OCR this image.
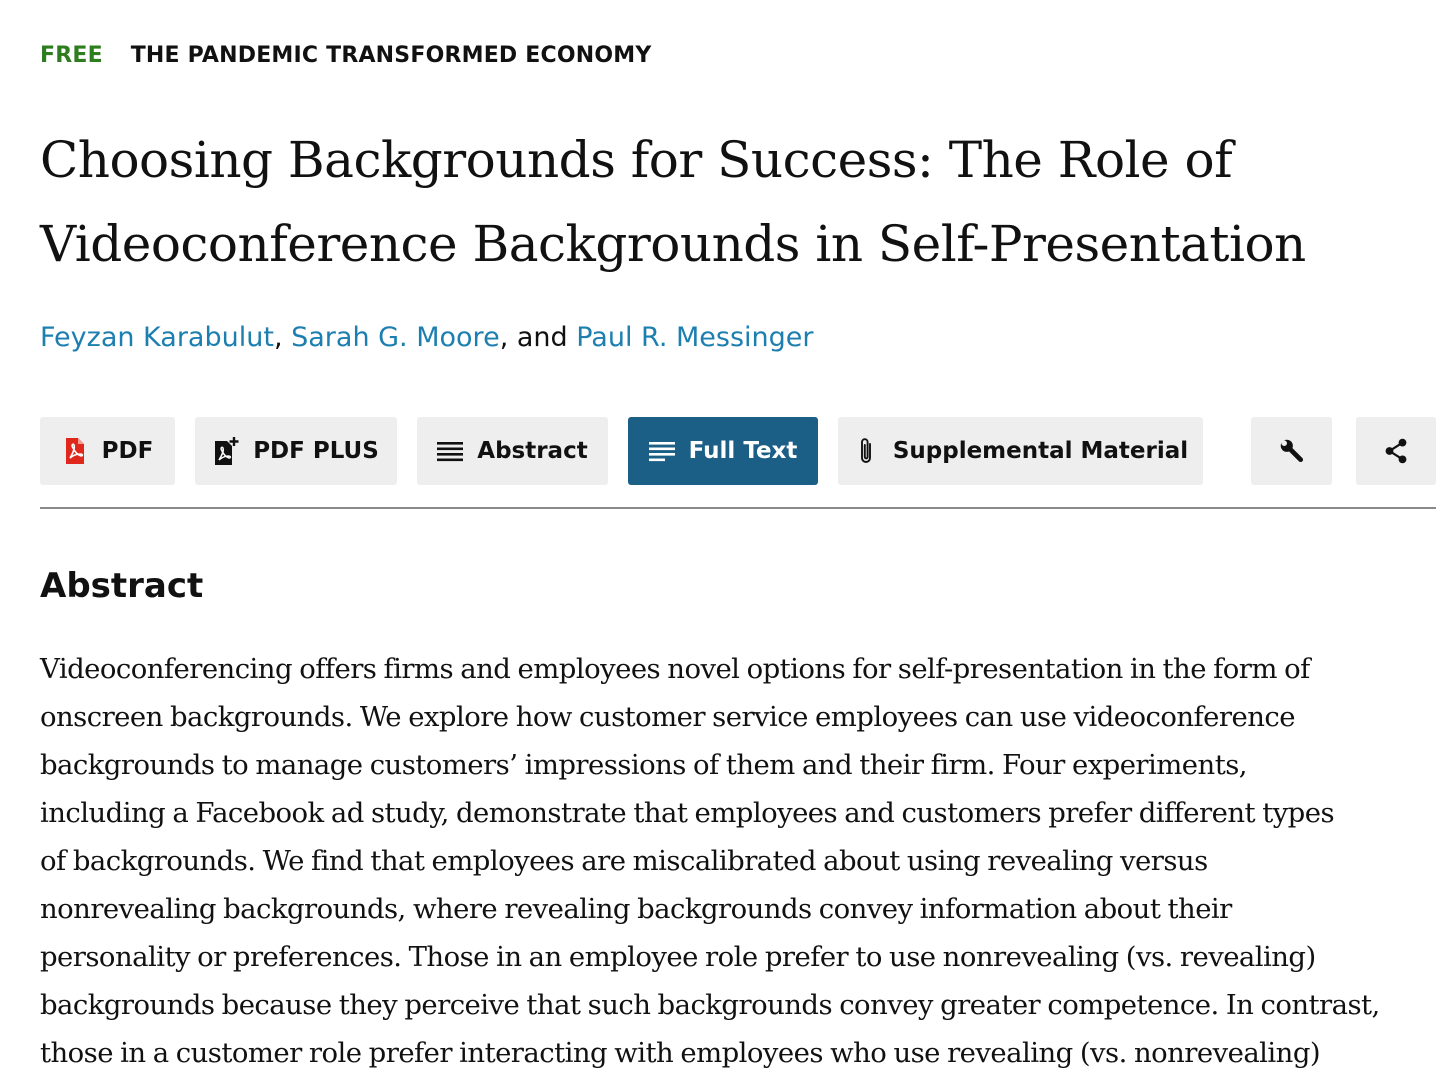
FREE THE PANDEMIC TRANSFORMED ECONOMY
Choosing Backgrounds for Success: The Role of
Videoconference Backgrounds in Self-Presentation
Feyzan Karabulut, Sarah G. Moore, and Paul R. Messinger
PDF	PDF PLUS	Abstract	Full Text	Supplemental Material
Abstract

Videoconferencing offers firms and employees novel options for self-presentation in the form of
onscreen backgrounds. We explore how customer service employees can use videoconference
backgrounds to manage customers’ impressions of them and their firm. Four experiments,
including a Facebook ad study, demonstrate that employees and customers prefer different types
of backgrounds. We find that employees are miscalibrated about using revealing versus
nonrevealing backgrounds, where revealing backgrounds convey information about their
personality or preferences. Those in an employee role prefer to use nonrevealing (vs. revealing)
backgrounds because they perceive that such backgrounds convey greater competence. In contrast,
those in a customer role prefer interacting with employees who use revealing (vs. nonrevealing)
